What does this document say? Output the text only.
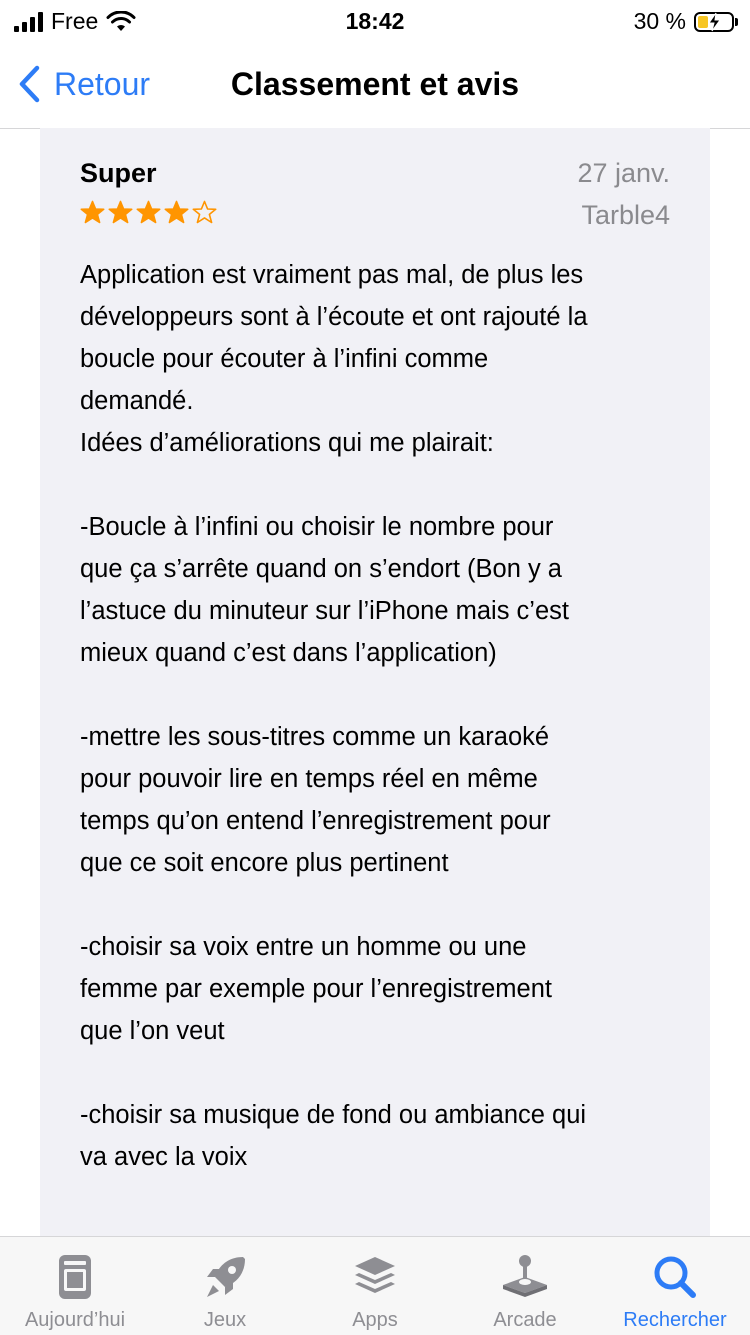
Free	18:42	30 %
Retour	Classement et avis
Super	27 janv.
Tarble4
Application est vraiment pas mal, de plus les
développeurs sont à l’écoute et ont rajouté la
boucle pour écouter à l’infini comme
demandé.
Idées d’améliorations qui me plairait:

-Boucle à l’infini ou choisir le nombre pour
que ça s’arrête quand on s’endort (Bon y a
l’astuce du minuteur sur l’iPhone mais c’est
mieux quand c’est dans l’application)

-mettre les sous-titres comme un karaoké
pour pouvoir lire en temps réel en même
temps qu’on entend l’enregistrement pour
que ce soit encore plus pertinent

-choisir sa voix entre un homme ou une
femme par exemple pour l’enregistrement
que l’on veut

-choisir sa musique de fond ou ambiance qui
va avec la voix
Aujourd’hui	Jeux	Apps	Arcade	Rechercher
